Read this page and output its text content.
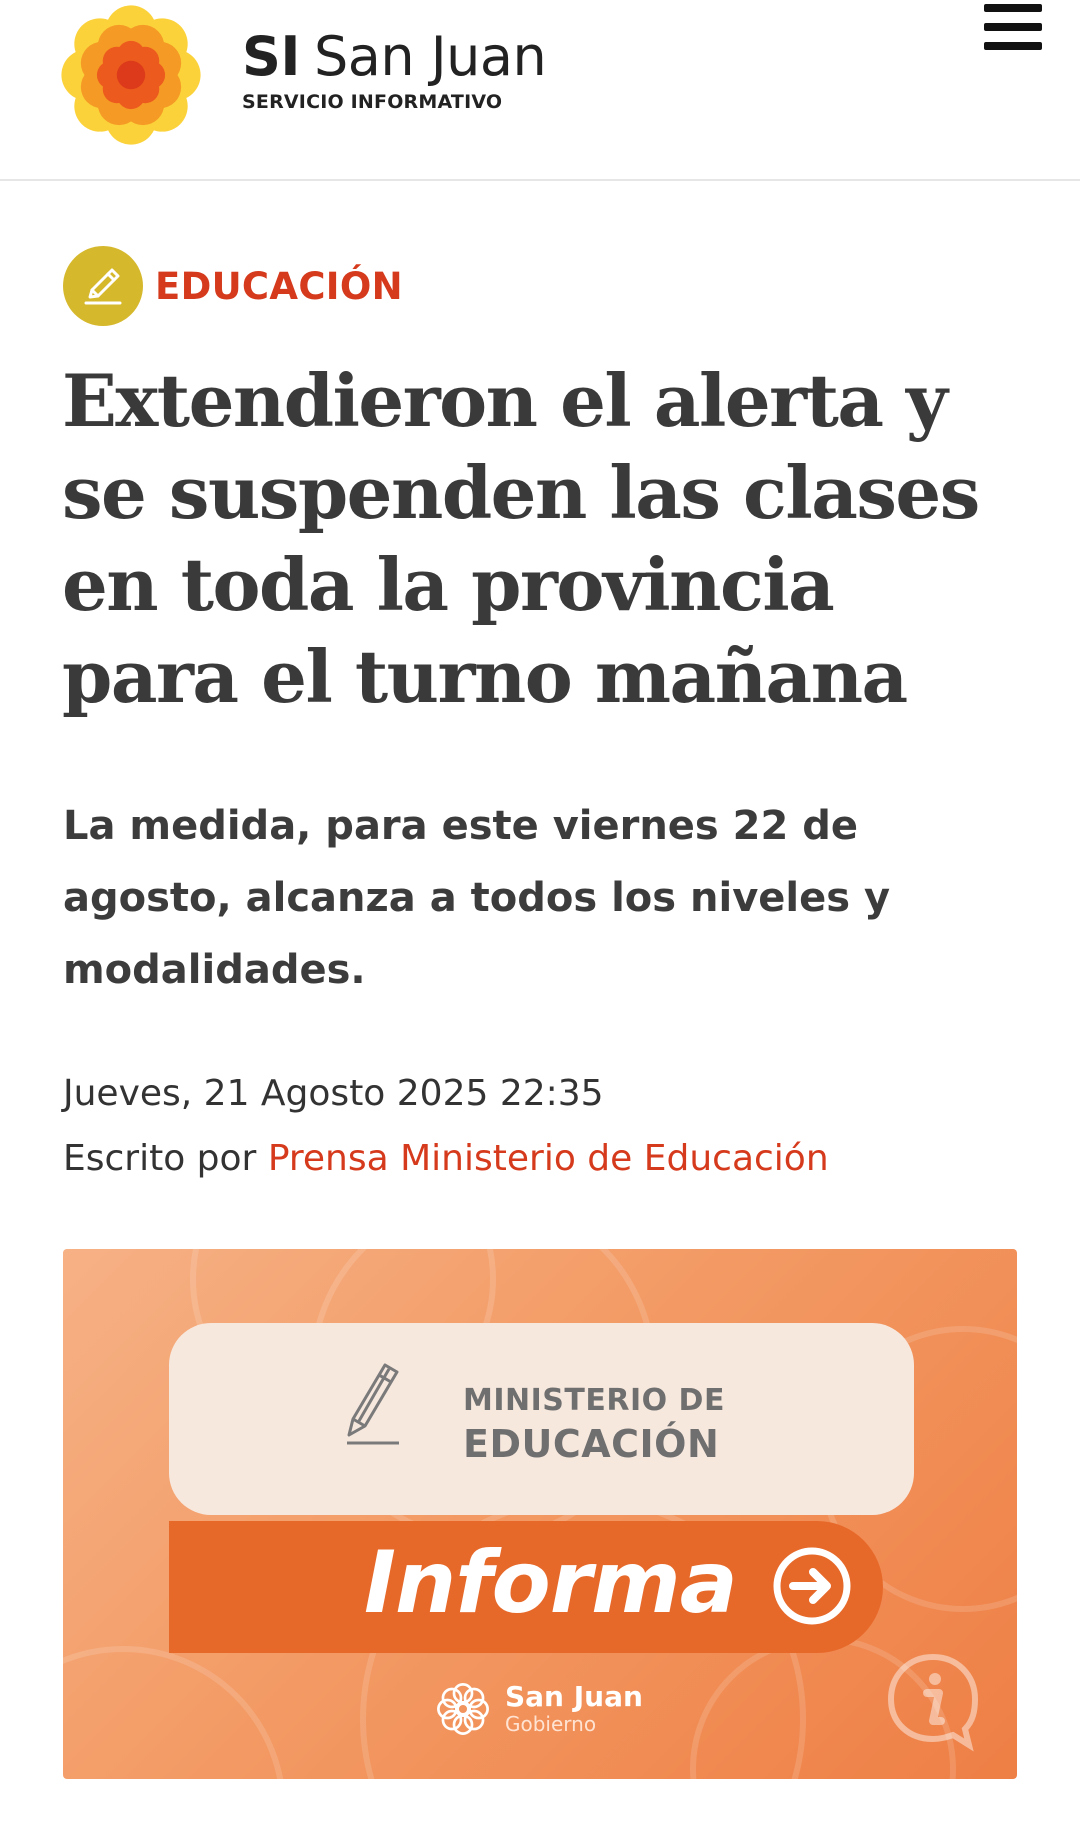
SI San Juan
SERVICIO INFORMATIVO
EDUCACIÓN
Extendieron el alerta y se suspenden las clases en toda la provincia para el turno mañana

La medida, para este viernes 22 de agosto, alcanza a todos los niveles y modalidades.

Jueves, 21 Agosto 2025 22:35
Escrito por Prensa Ministerio de Educación
MINISTERIO DE
EDUCACIÓN
Informa
San Juan
Gobierno
